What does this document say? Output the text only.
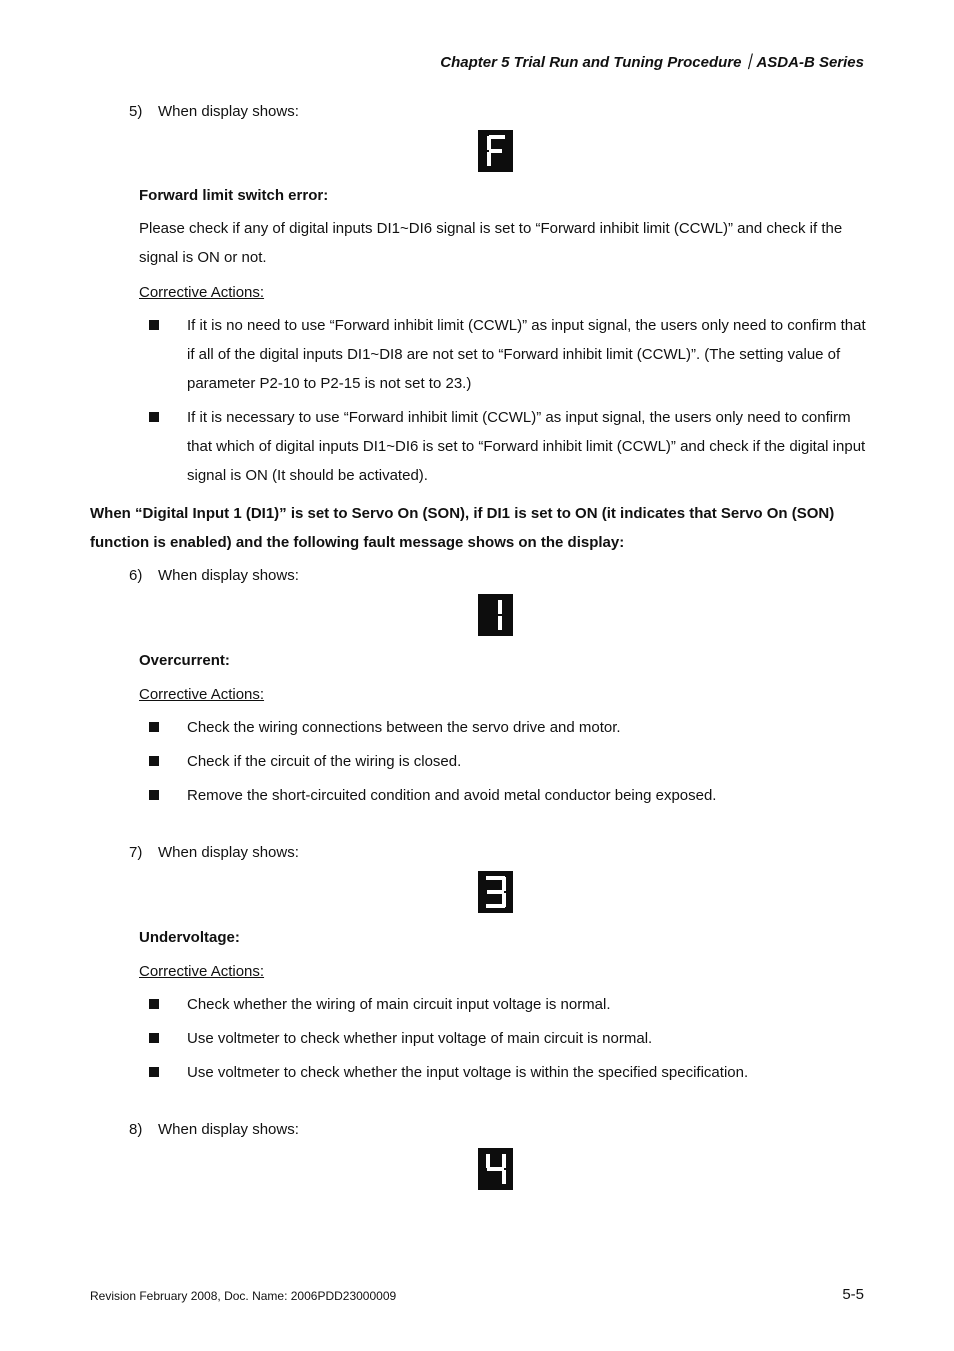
Chapter 5 Trial Run and Tuning Procedure｜ASDA-B Series
5) When display shows:
Forward limit switch error:
Please check if any of digital inputs DI1~DI6 signal is set to “Forward inhibit limit (CCWL)” and check if the signal is ON or not.
Corrective Actions:
If it is no need to use “Forward inhibit limit (CCWL)” as input signal, the users only need to confirm that if all of the digital inputs DI1~DI8 are not set to “Forward inhibit limit (CCWL)”. (The setting value of parameter P2-10 to P2-15 is not set to 23.)
If it is necessary to use “Forward inhibit limit (CCWL)” as input signal, the users only need to confirm that which of digital inputs DI1~DI6 is set to “Forward inhibit limit (CCWL)” and check if the digital input signal is ON (It should be activated).
When “Digital Input 1 (DI1)” is set to Servo On (SON), if DI1 is set to ON (it indicates that Servo On (SON) function is enabled) and the following fault message shows on the display:
6) When display shows:
Overcurrent:
Corrective Actions:
Check the wiring connections between the servo drive and motor.
Check if the circuit of the wiring is closed.
Remove the short-circuited condition and avoid metal conductor being exposed.
7) When display shows:
Undervoltage:
Corrective Actions:
Check whether the wiring of main circuit input voltage is normal.
Use voltmeter to check whether input voltage of main circuit is normal.
Use voltmeter to check whether the input voltage is within the specified specification.
8) When display shows:
Revision February 2008, Doc. Name: 2006PDD23000009	5-5
